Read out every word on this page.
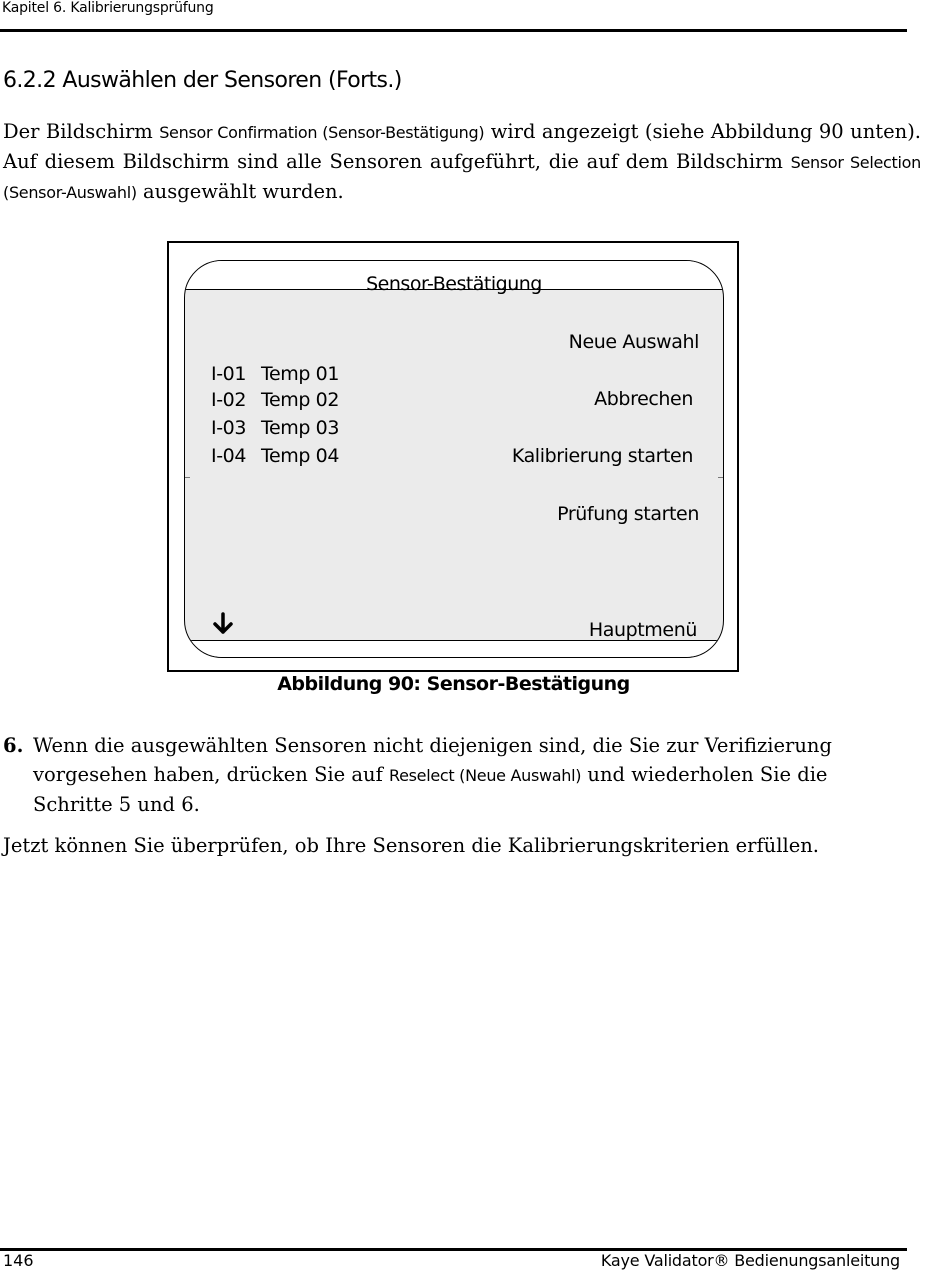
Kapitel 6. Kalibrierungsprüfung
6.2.2 Auswählen der Sensoren (Forts.)

Der Bildschirm Sensor Confirmation (Sensor-Bestätigung) wird angezeigt (siehe Abbildung 90 unten). Auf diesem Bildschirm sind alle Sensoren aufgeführt, die auf dem Bildschirm Sensor Selection (Sensor-Auswahl) ausgewählt wurden.

Sensor-Bestätigung
Neue Auswahl
I-01 Temp 01
I-02 Temp 02
I-03 Temp 03
I-04 Temp 04
Abbrechen
Kalibrierung starten
Prüfung starten
Hauptmenü
Abbildung 90: Sensor-Bestätigung
6. Wenn die ausgewählten Sensoren nicht diejenigen sind, die Sie zur Verifizierung vorgesehen haben, drücken Sie auf Reselect (Neue Auswahl) und wiederholen Sie die Schritte 5 und 6.

Jetzt können Sie überprüfen, ob Ihre Sensoren die Kalibrierungskriterien erfüllen.

146	Kaye Validator® Bedienungsanleitung
